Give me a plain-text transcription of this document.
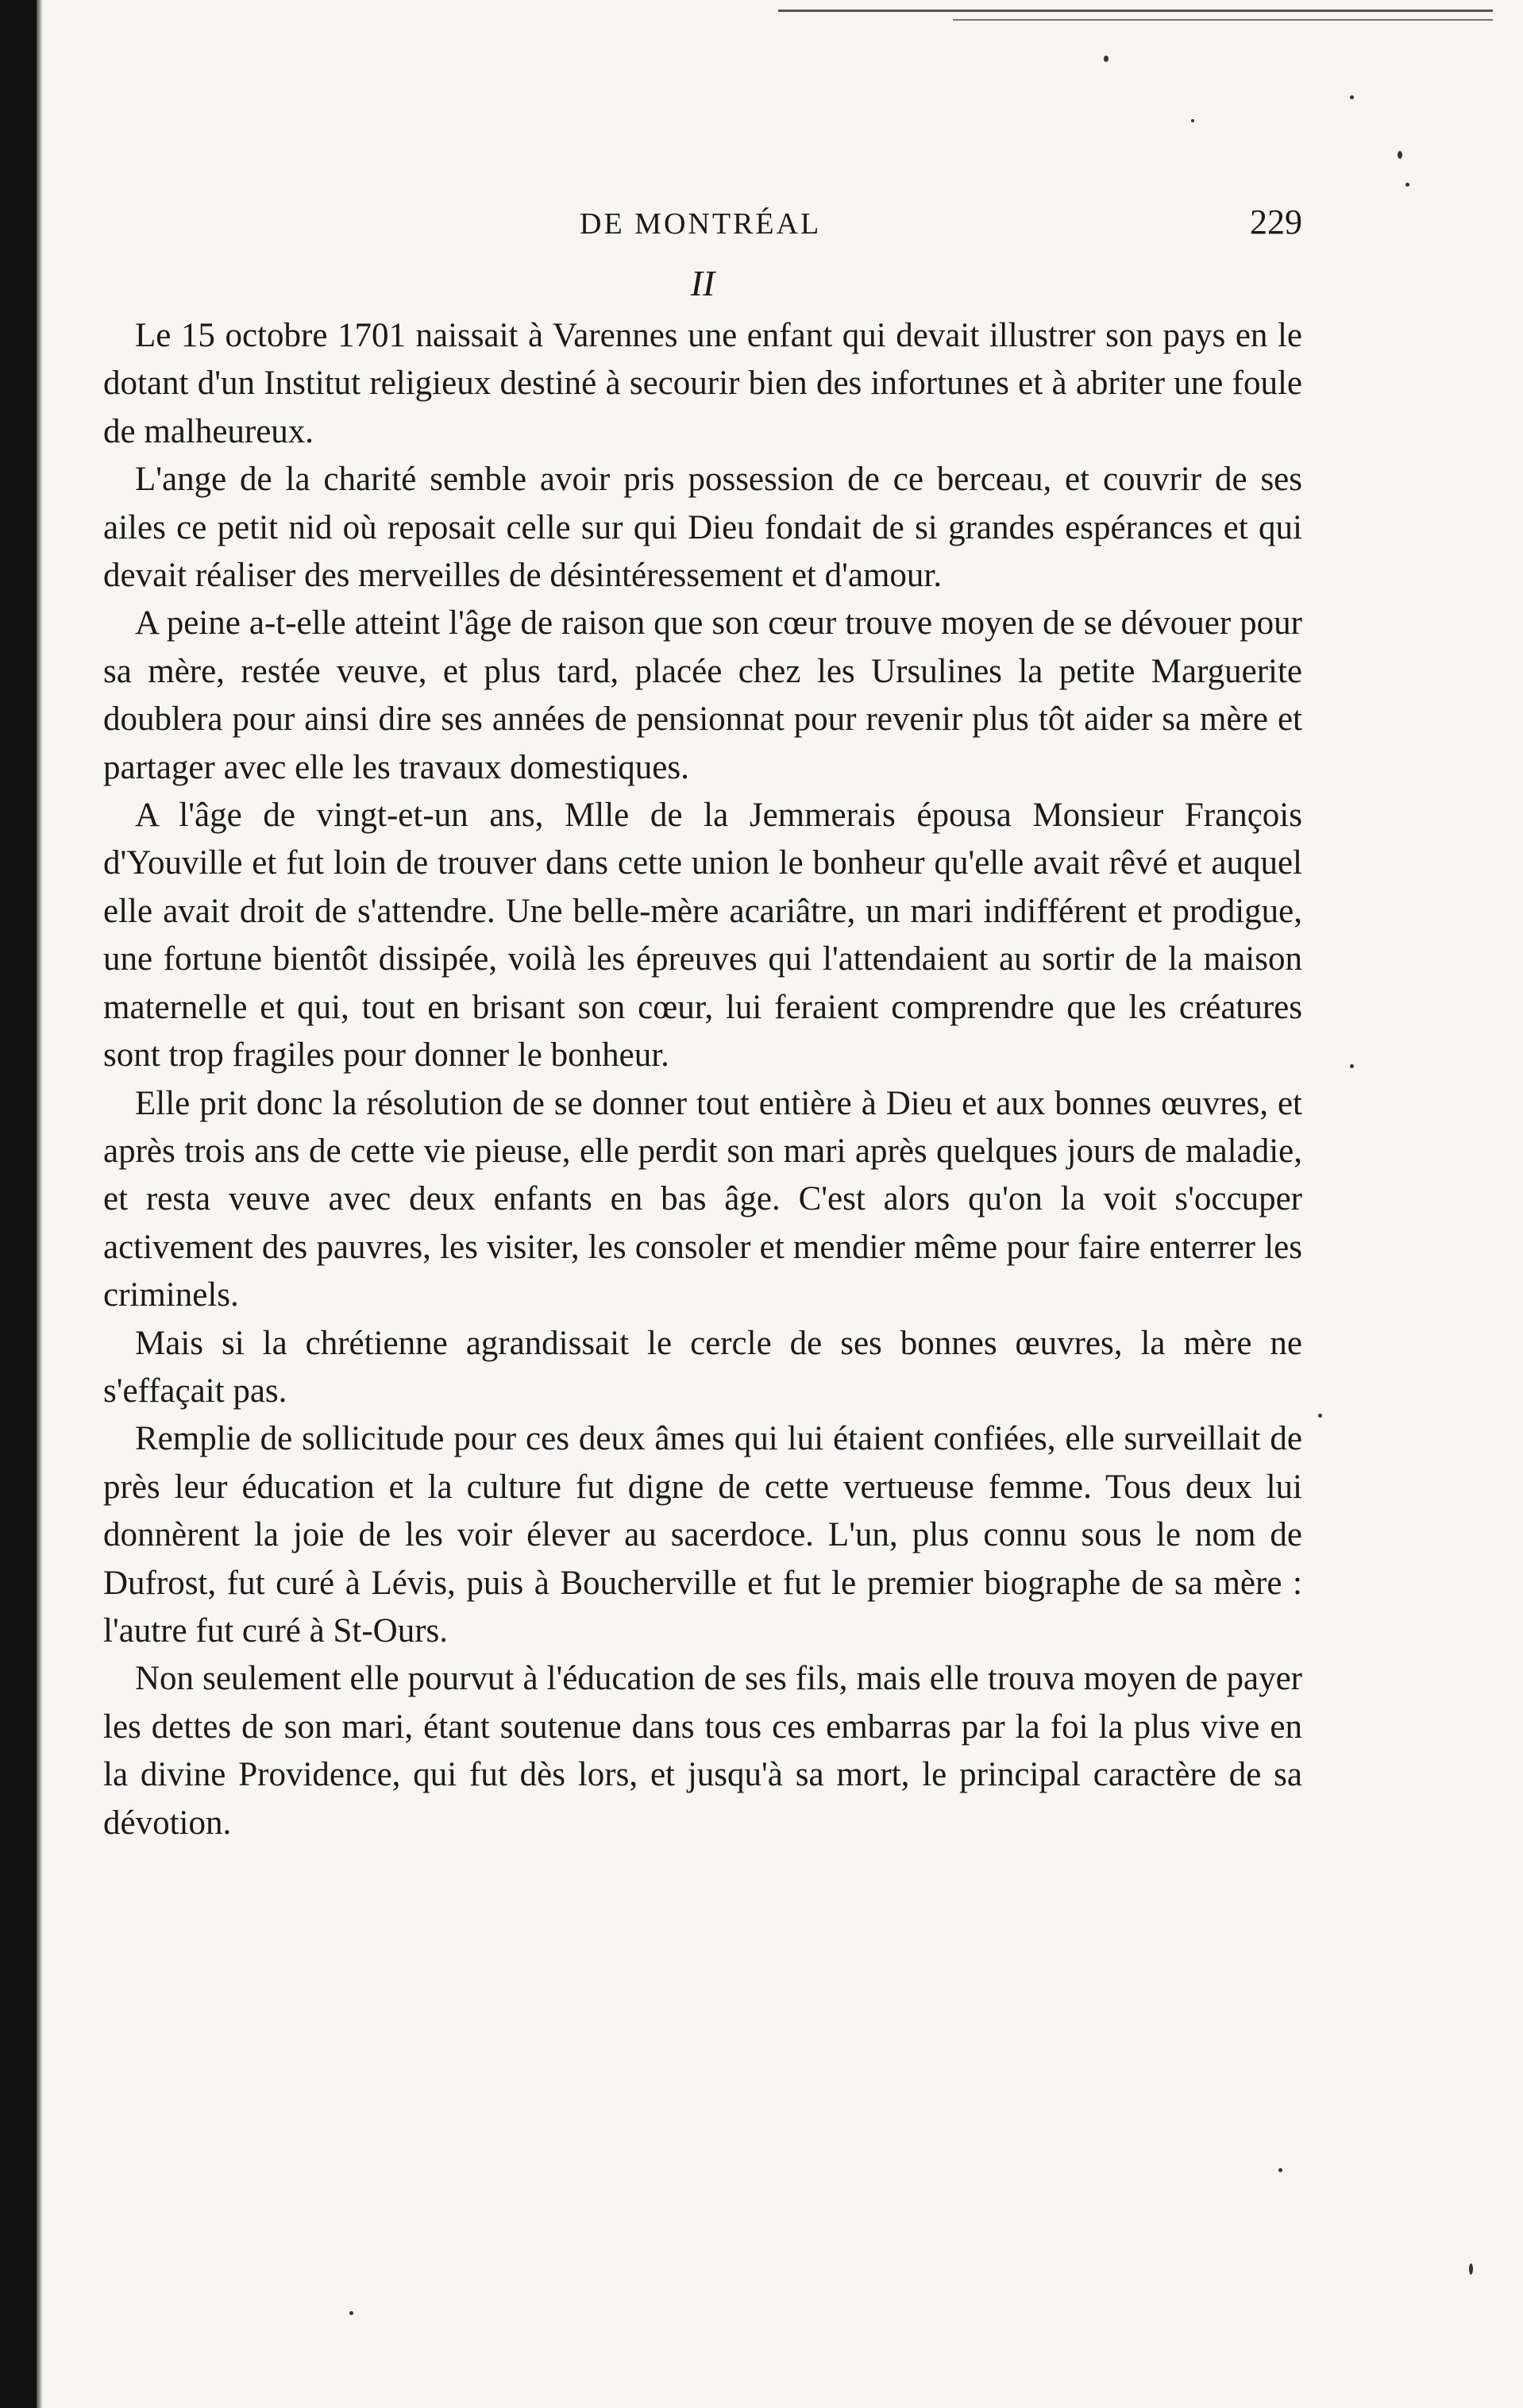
DE MONTRÉAL	229
II

Le 15 octobre 1701 naissait à Varennes une enfant qui devait illustrer son pays en le dotant d'un Institut religieux destiné à secourir bien des infortunes et à abriter une foule de malheureux.

L'ange de la charité semble avoir pris possession de ce berceau, et couvrir de ses ailes ce petit nid où reposait celle sur qui Dieu fondait de si grandes espérances et qui devait réaliser des merveilles de désintéressement et d'amour.

A peine a-t-elle atteint l'âge de raison que son cœur trouve moyen de se dévouer pour sa mère, restée veuve, et plus tard, placée chez les Ursulines la petite Marguerite doublera pour ainsi dire ses années de pensionnat pour revenir plus tôt aider sa mère et partager avec elle les travaux domestiques.

A l'âge de vingt-et-un ans, Mlle de la Jemmerais épousa Monsieur François d'Youville et fut loin de trouver dans cette union le bonheur qu'elle avait rêvé et auquel elle avait droit de s'attendre. Une belle-mère acariâtre, un mari indifférent et prodigue, une fortune bientôt dissipée, voilà les épreuves qui l'attendaient au sortir de la maison maternelle et qui, tout en brisant son cœur, lui feraient comprendre que les créatures sont trop fragiles pour donner le bonheur.

Elle prit donc la résolution de se donner tout entière à Dieu et aux bonnes œuvres, et après trois ans de cette vie pieuse, elle perdit son mari après quelques jours de maladie, et resta veuve avec deux enfants en bas âge. C'est alors qu'on la voit s'occuper activement des pauvres, les visiter, les consoler et mendier même pour faire enterrer les criminels.

Mais si la chrétienne agrandissait le cercle de ses bonnes œuvres, la mère ne s'effaçait pas.

Remplie de sollicitude pour ces deux âmes qui lui étaient confiées, elle surveillait de près leur éducation et la culture fut digne de cette vertueuse femme. Tous deux lui donnèrent la joie de les voir élever au sacerdoce. L'un, plus connu sous le nom de Dufrost, fut curé à Lévis, puis à Boucherville et fut le premier biographe de sa mère : l'autre fut curé à St-Ours.

Non seulement elle pourvut à l'éducation de ses fils, mais elle trouva moyen de payer les dettes de son mari, étant soutenue dans tous ces embarras par la foi la plus vive en la divine Providence, qui fut dès lors, et jusqu'à sa mort, le principal caractère de sa dévotion.
